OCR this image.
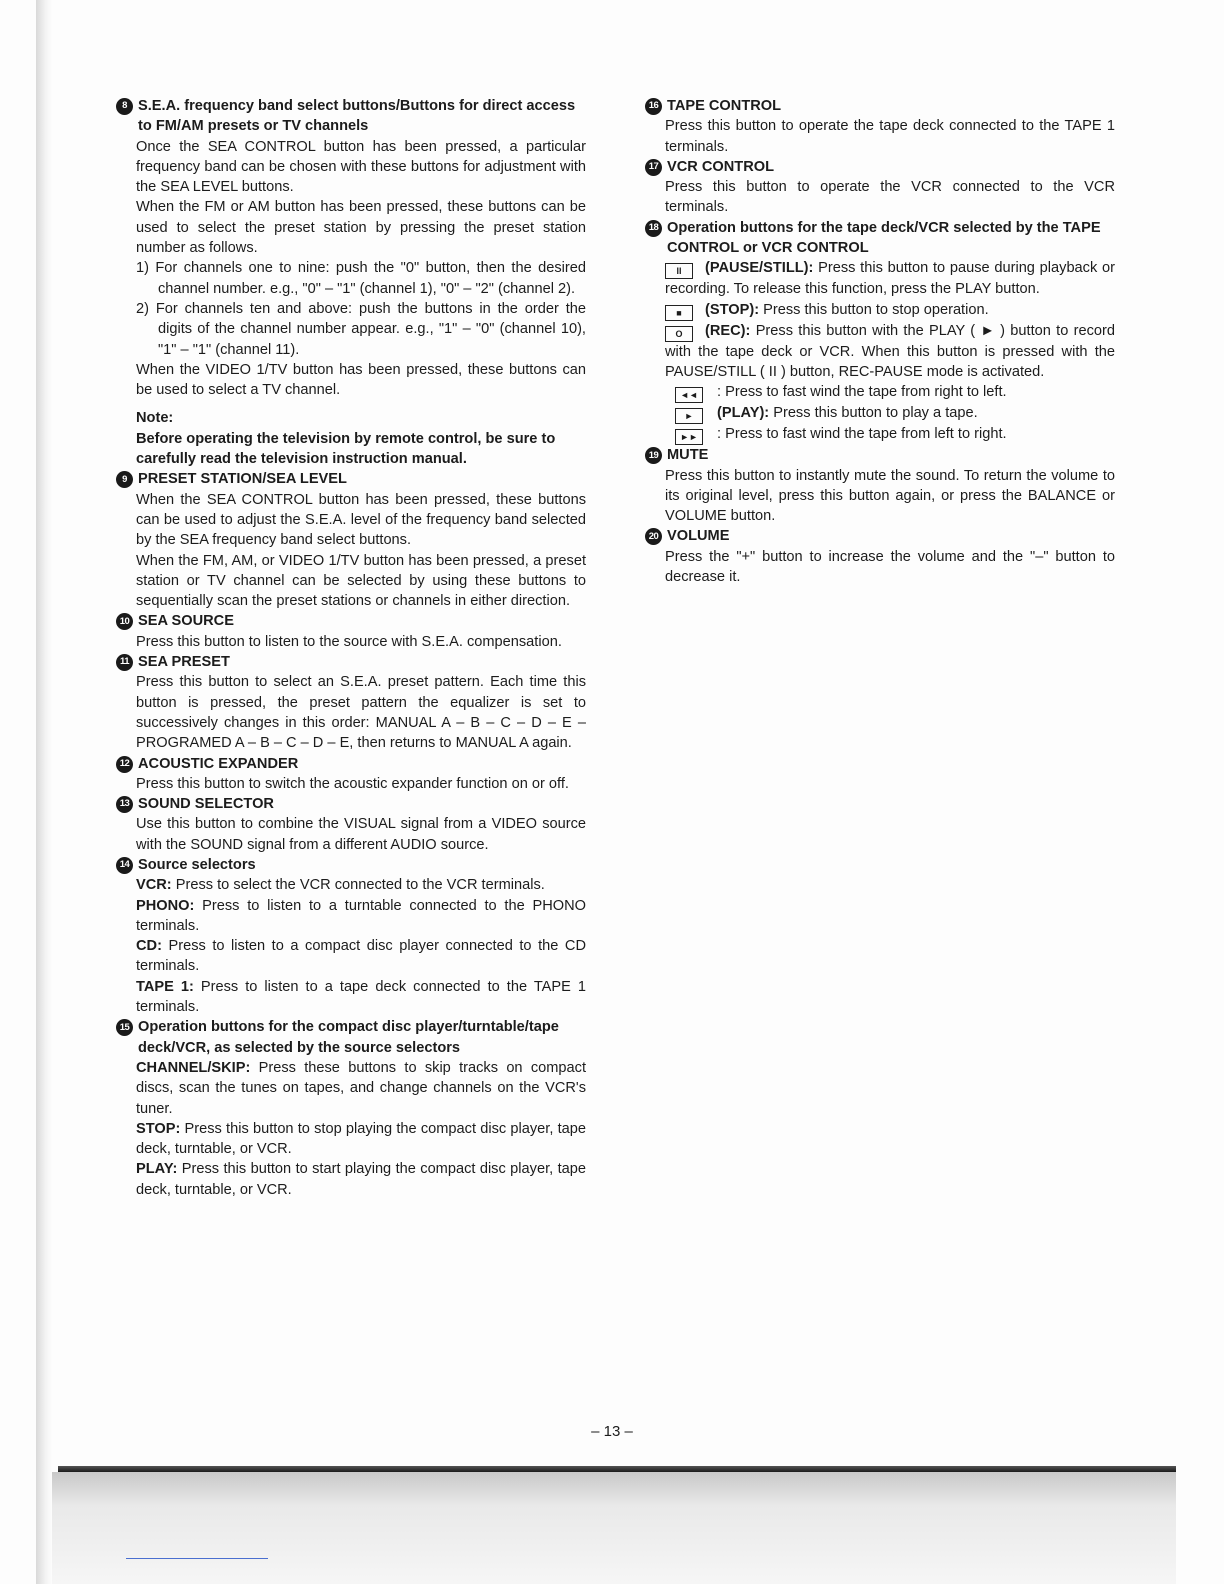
8 S.E.A. frequency band select buttons/Buttons for direct access to FM/AM presets or TV channels
Once the SEA CONTROL button has been pressed, a particular frequency band can be chosen with these buttons for adjustment with the SEA LEVEL buttons.
When the FM or AM button has been pressed, these buttons can be used to select the preset station by pressing the preset station number as follows.
1) For channels one to nine: push the "0" button, then the desired channel number. e.g., "0" – "1" (channel 1), "0" – "2" (channel 2).
2) For channels ten and above: push the buttons in the order the digits of the channel number appear. e.g., "1" – "0" (channel 10), "1" – "1" (channel 11).
When the VIDEO 1/TV button has been pressed, these buttons can be used to select a TV channel.
Note:
Before operating the television by remote control, be sure to carefully read the television instruction manual.
9 PRESET STATION/SEA LEVEL
When the SEA CONTROL button has been pressed, these buttons can be used to adjust the S.E.A. level of the frequency band selected by the SEA frequency band select buttons.
When the FM, AM, or VIDEO 1/TV button has been pressed, a preset station or TV channel can be selected by using these buttons to sequentially scan the preset stations or channels in either direction.
10 SEA SOURCE
Press this button to listen to the source with S.E.A. compensation.
11 SEA PRESET
Press this button to select an S.E.A. preset pattern. Each time this button is pressed, the preset pattern the equalizer is set to successively changes in this order: MANUAL A – B – C – D – E – PROGRAMED A – B – C – D – E, then returns to MANUAL A again.
12 ACOUSTIC EXPANDER
Press this button to switch the acoustic expander function on or off.
13 SOUND SELECTOR
Use this button to combine the VISUAL signal from a VIDEO source with the SOUND signal from a different AUDIO source.
14 Source selectors
VCR: Press to select the VCR connected to the VCR terminals.
PHONO: Press to listen to a turntable connected to the PHONO terminals.
CD: Press to listen to a compact disc player connected to the CD terminals.
TAPE 1: Press to listen to a tape deck connected to the TAPE 1 terminals.
15 Operation buttons for the compact disc player/turntable/tape deck/VCR, as selected by the source selectors
CHANNEL/SKIP: Press these buttons to skip tracks on compact discs, scan the tunes on tapes, and change channels on the VCR's tuner.
STOP: Press this button to stop playing the compact disc player, tape deck, turntable, or VCR.
PLAY: Press this button to start playing the compact disc player, tape deck, turntable, or VCR.
16 TAPE CONTROL
Press this button to operate the tape deck connected to the TAPE 1 terminals.
17 VCR CONTROL
Press this button to operate the VCR connected to the VCR terminals.
18 Operation buttons for the tape deck/VCR selected by the TAPE CONTROL or VCR CONTROL
II (PAUSE/STILL): Press this button to pause during playback or recording. To release this function, press the PLAY button.
■ (STOP): Press this button to stop operation.
O (REC): Press this button with the PLAY ( ► ) button to record with the tape deck or VCR. When this button is pressed with the PAUSE/STILL ( II ) button, REC-PAUSE mode is activated.
◄◄ : Press to fast wind the tape from right to left.
► (PLAY): Press this button to play a tape.
►► : Press to fast wind the tape from left to right.
19 MUTE
Press this button to instantly mute the sound. To return the volume to its original level, press this button again, or press the BALANCE or VOLUME button.
20 VOLUME
Press the "+" button to increase the volume and the "–" button to decrease it.
– 13 –
